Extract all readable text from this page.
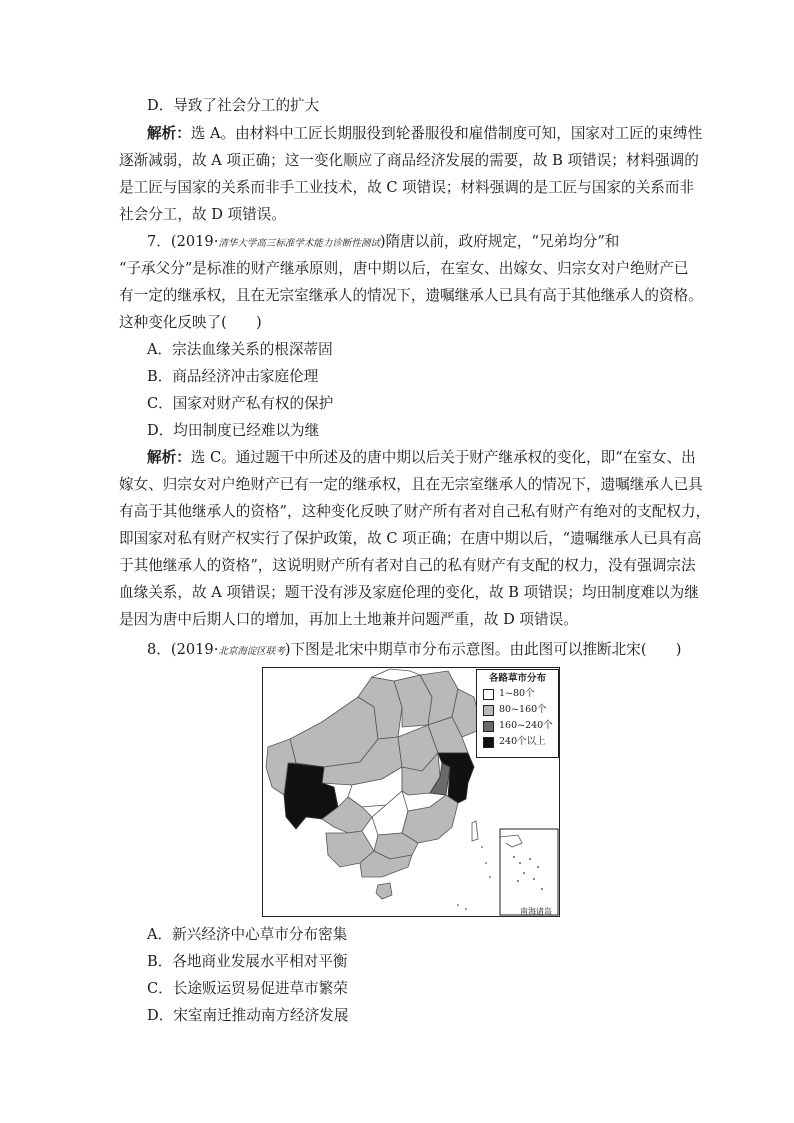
D．导致了社会分工的扩大
解析：选 A。由材料中工匠长期服役到轮番服役和雇借制度可知，国家对工匠的束缚性
逐渐减弱，故 A 项正确；这一变化顺应了商品经济发展的需要，故 B 项错误；材料强调的
是工匠与国家的关系而非手工业技术，故 C 项错误；材料强调的是工匠与国家的关系而非
社会分工，故 D 项错误。
7．(2019·清华大学高三标准学术能力诊断性测试)隋唐以前，政府规定，“兄弟均分”和
“子承父分”是标准的财产继承原则，唐中期以后，在室女、出嫁女、归宗女对户绝财产已
有一定的继承权，且在无宗室继承人的情况下，遗嘱继承人已具有高于其他继承人的资格。
这种变化反映了(　　)
A．宗法血缘关系的根深蒂固
B．商品经济冲击家庭伦理
C．国家对财产私有权的保护
D．均田制度已经难以为继
解析：选 C。通过题干中所述及的唐中期以后关于财产继承权的变化，即“在室女、出
嫁女、归宗女对户绝财产已有一定的继承权，且在无宗室继承人的情况下，遗嘱继承人已具
有高于其他继承人的资格”，这种变化反映了财产所有者对自己私有财产有绝对的支配权力，
即国家对私有财产权实行了保护政策，故 C 项正确；在唐中期以后，“遗嘱继承人已具有高
于其他继承人的资格”，这说明财产所有者对自己的私有财产有支配的权力，没有强调宗法
血缘关系，故 A 项错误；题干没有涉及家庭伦理的变化，故 B 项错误；均田制度难以为继
是因为唐中后期人口的增加，再加上土地兼并问题严重，故 D 项错误。
8．(2019·北京海淀区联考)下图是北宋中期草市分布示意图。由此图可以推断北宋(　　)
各路草市分布
1~80个
80~160个
160~240个
240个以上
南海诸岛
A．新兴经济中心草市分布密集
B．各地商业发展水平相对平衡
C．长途贩运贸易促进草市繁荣
D．宋室南迁推动南方经济发展
